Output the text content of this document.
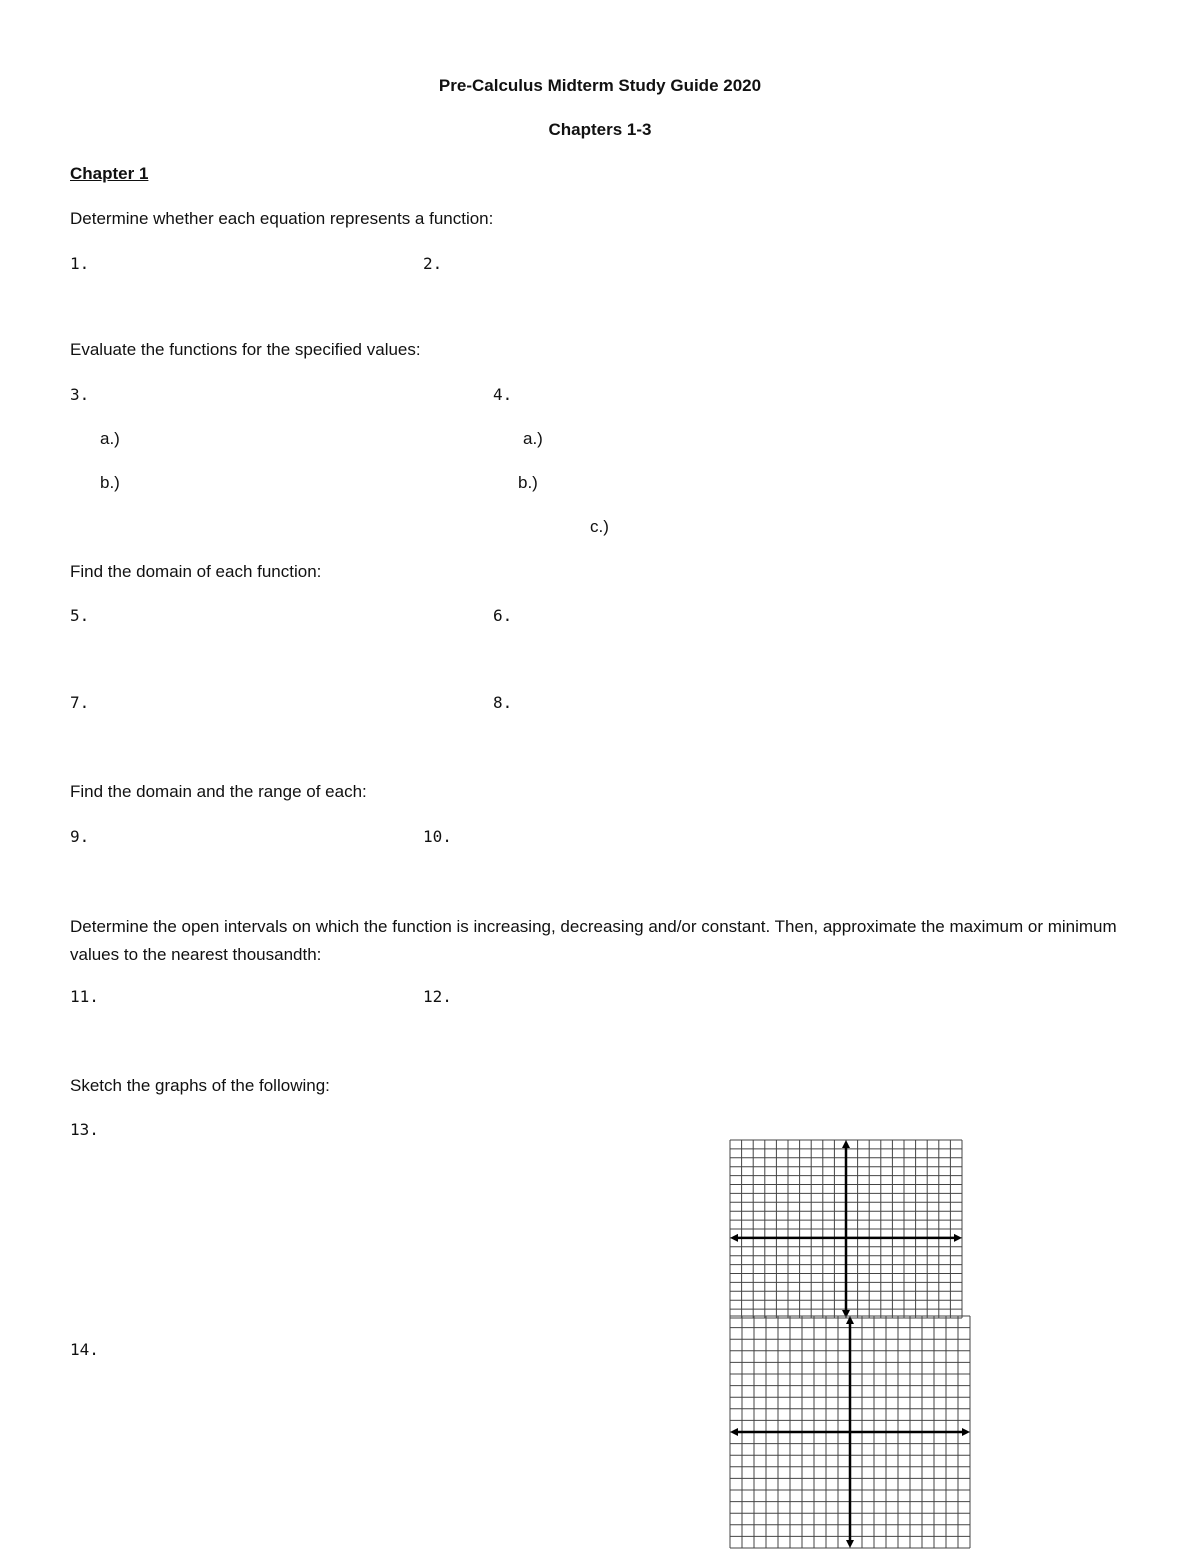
Pre-Calculus Midterm Study Guide 2020
Chapters 1-3
Chapter 1
Determine whether each equation represents a function:
1.	2.
Evaluate the functions for the specified values:
3.	4.
a.)	a.)
b.)	b.)
c.)
Find the domain of each function:
5.	6.
7.	8.
Find the domain and the range of each:
9.	10.
Determine the open intervals on which the function is increasing, decreasing and/or constant. Then, approximate the maximum or minimum values to the nearest thousandth:
11.	12.
Sketch the graphs of the following:
13.
14.
